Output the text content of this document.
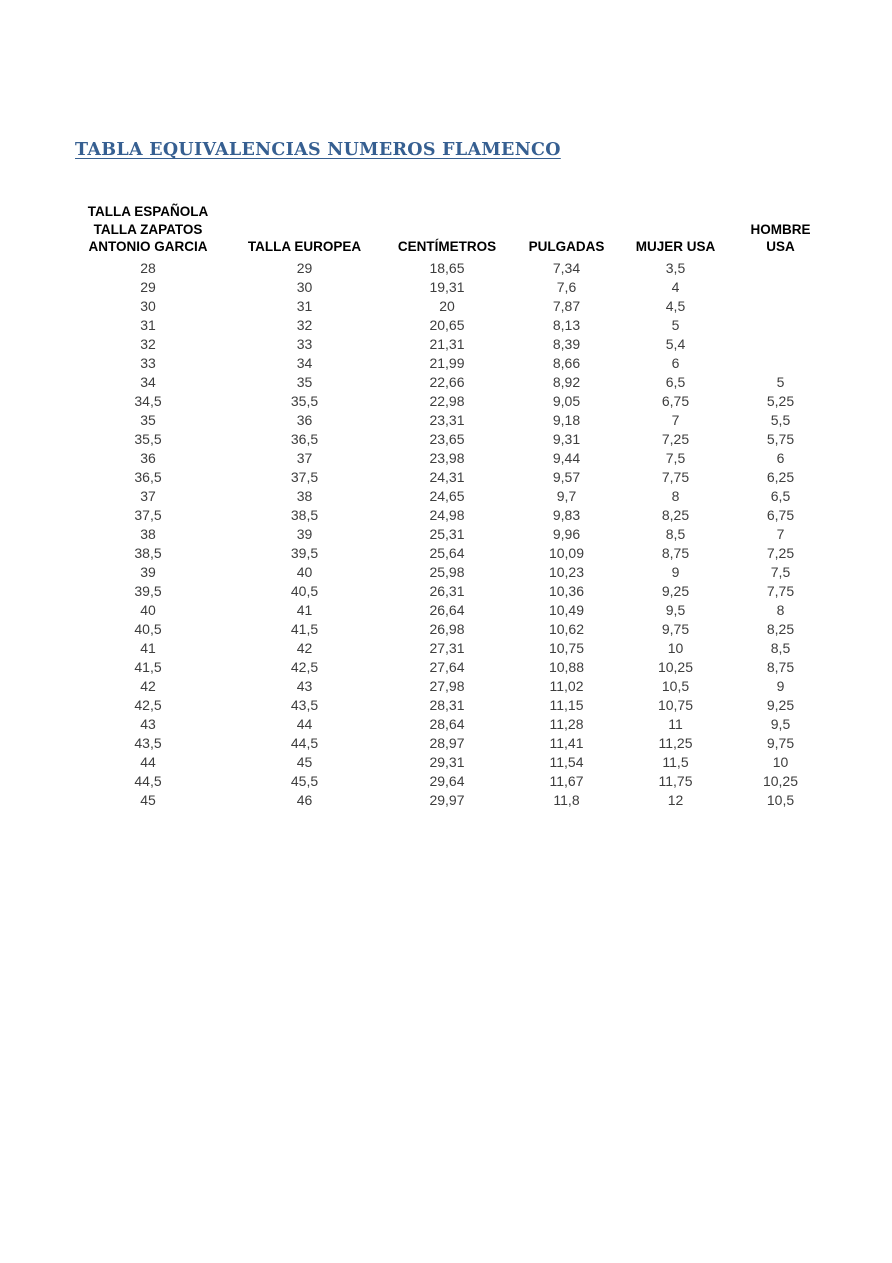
TABLA EQUIVALENCIAS NUMEROS FLAMENCO
TALLA ESPAÑOLA
TALLA ZAPATOS
ANTONIO GARCIA	TALLA EUROPEA	CENTÍMETROS	PULGADAS	MUJER USA	HOMBRE
USA

28	29	18,65	7,34	3,5	
29	30	19,31	7,6	4	
30	31	20	7,87	4,5	
31	32	20,65	8,13	5	
32	33	21,31	8,39	5,4	
33	34	21,99	8,66	6	
34	35	22,66	8,92	6,5	5
34,5	35,5	22,98	9,05	6,75	5,25
35	36	23,31	9,18	7	5,5
35,5	36,5	23,65	9,31	7,25	5,75
36	37	23,98	9,44	7,5	6
36,5	37,5	24,31	9,57	7,75	6,25
37	38	24,65	9,7	8	6,5
37,5	38,5	24,98	9,83	8,25	6,75
38	39	25,31	9,96	8,5	7
38,5	39,5	25,64	10,09	8,75	7,25
39	40	25,98	10,23	9	7,5
39,5	40,5	26,31	10,36	9,25	7,75
40	41	26,64	10,49	9,5	8
40,5	41,5	26,98	10,62	9,75	8,25
41	42	27,31	10,75	10	8,5
41,5	42,5	27,64	10,88	10,25	8,75
42	43	27,98	11,02	10,5	9
42,5	43,5	28,31	11,15	10,75	9,25
43	44	28,64	11,28	11	9,5
43,5	44,5	28,97	11,41	11,25	9,75
44	45	29,31	11,54	11,5	10
44,5	45,5	29,64	11,67	11,75	10,25
45	46	29,97	11,8	12	10,5
